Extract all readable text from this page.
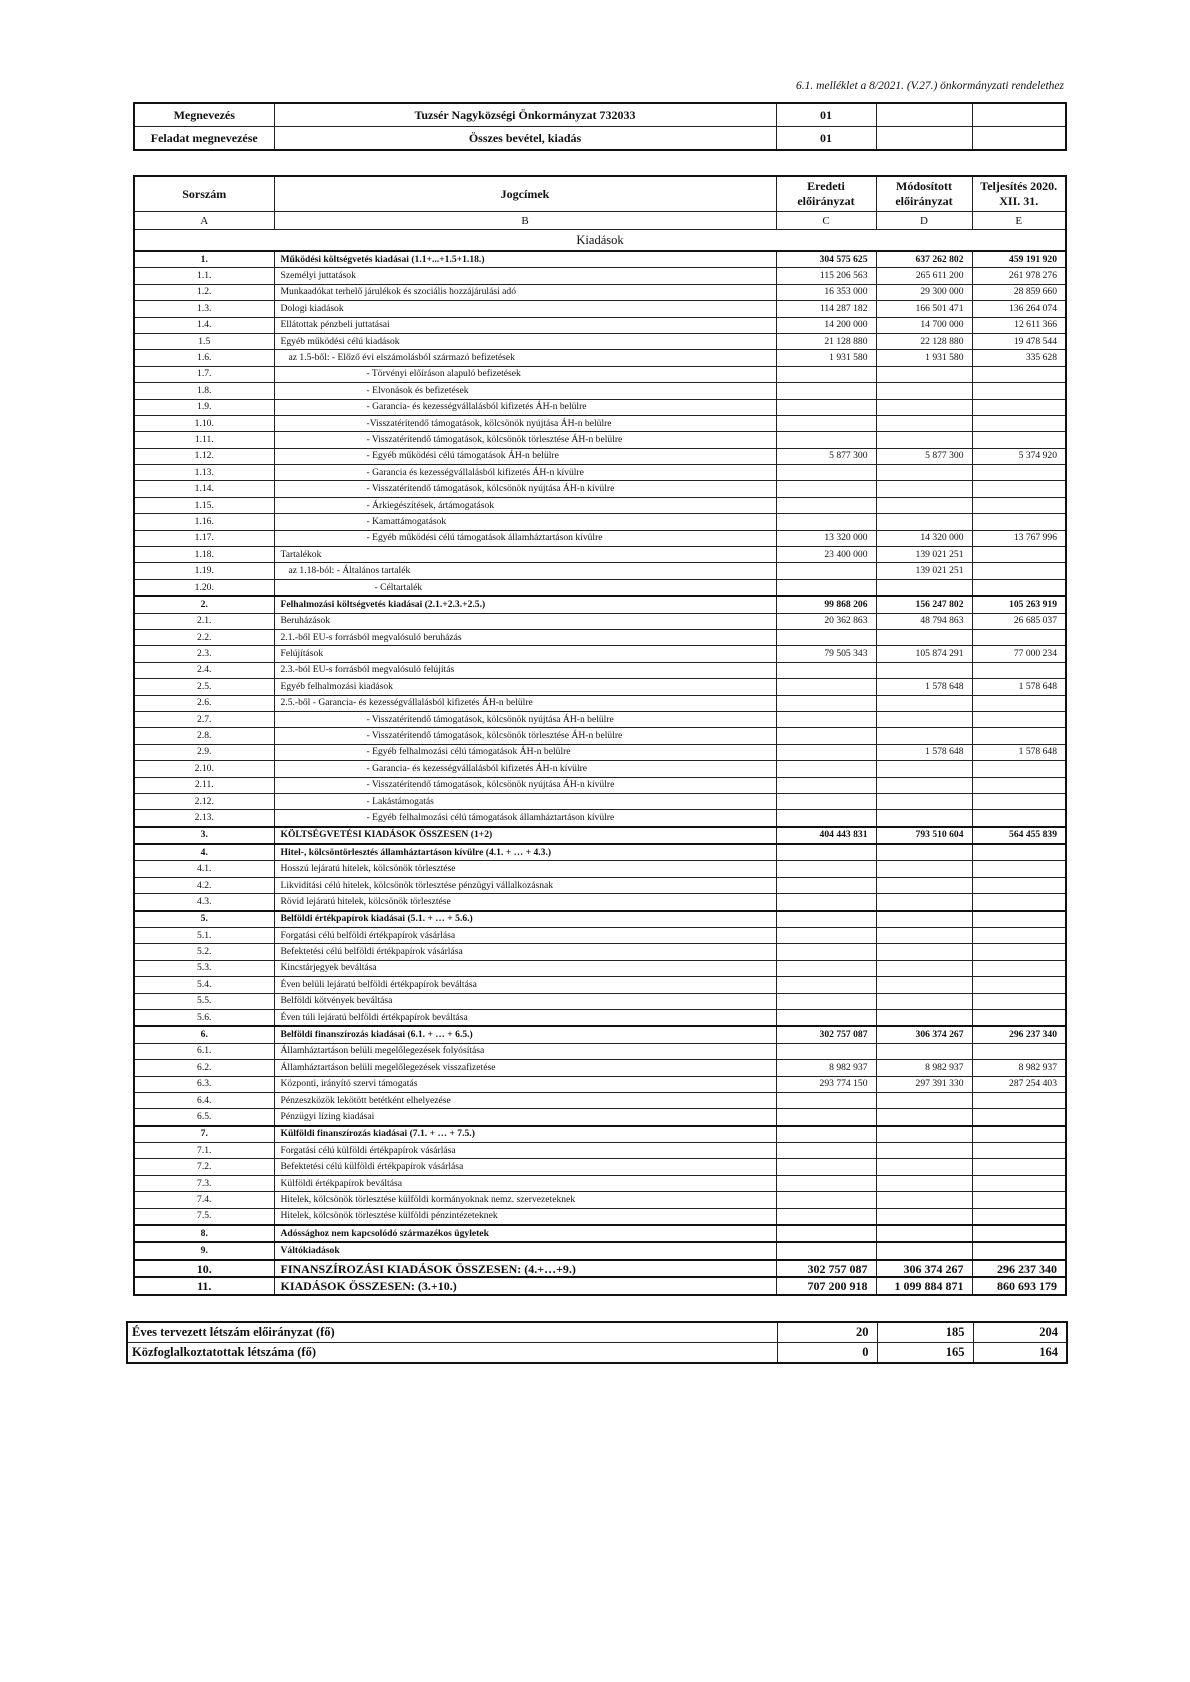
6.1. melléklet a 8/2021. (V.27.) önkormányzati rendelethez
Megnevezés	Tuzsér Nagyközségi Önkormányzat 732033	01		
Feladat megnevezése	Összes bevétel, kiadás	01		
Sorszám	Jogcímek	Eredeti előirányzat	Módosított előirányzat	Teljesítés 2020. XII. 31.
A	B	C	D	E
Kiadások				
1.	Működési költségvetés kiadásai (1.1+...+1.5+1.18.)	304 575 625	637 262 802	459 191 920
1.1.	Személyi juttatások	115 206 563	265 611 200	261 978 276
1.2.	Munkaadókat terhelő járulékok és szociális hozzájárulási adó	16 353 000	29 300 000	28 859 660
1.3.	Dologi kiadások	114 287 182	166 501 471	136 264 074
1.4.	Ellátottak pénzbeli juttatásai	14 200 000	14 700 000	12 611 366
1.5	Egyéb működési célú kiadások	21 128 880	22 128 880	19 478 544
1.6.	az 1.5-ből: - Előző évi elszámolásból származó befizetések	1 931 580	1 931 580	335 628
1.7.	- Törvényi előíráson alapuló befizetések			
1.8.	- Elvonások és befizetések			
1.9.	- Garancia- és kezességvállalásból kifizetés ÁH-n belülre			
1.10.	-Visszatérítendő támogatások, kölcsönök nyújtása ÁH-n belülre			
1.11.	- Visszatérítendő támogatások, kölcsönök törlesztése ÁH-n belülre			
1.12.	- Egyéb működési célú támogatások ÁH-n belülre	5 877 300	5 877 300	5 374 920
1.13.	- Garancia és kezességvállalásból kifizetés ÁH-n kívülre			
1.14.	- Visszatérítendő támogatások, kölcsönök nyújtása ÁH-n kívülre			
1.15.	- Árkiegészítések, ártámogatások			
1.16.	- Kamattámogatások			
1.17.	- Egyéb működési célú támogatások államháztartáson kívülre	13 320 000	14 320 000	13 767 996
1.18.	Tartalékok	23 400 000	139 021 251	
1.19.	az 1.18-ból: - Általános tartalék		139 021 251	
1.20.	- Céltartalék			
2.	Felhalmozási költségvetés kiadásai (2.1.+2.3.+2.5.)	99 868 206	156 247 802	105 263 919
2.1.	Beruházások	20 362 863	48 794 863	26 685 037
2.2.	2.1.-ből EU-s forrásból megvalósuló beruházás			
2.3.	Felújítások	79 505 343	105 874 291	77 000 234
2.4.	2.3.-ból EU-s forrásból megvalósuló felújítás			
2.5.	Egyéb felhalmozási kiadások		1 578 648	1 578 648
2.6.	2.5.-ből - Garancia- és kezességvállalásból kifizetés ÁH-n belülre			
2.7.	- Visszatérítendő támogatások, kölcsönök nyújtása ÁH-n belülre			
2.8.	- Visszatérítendő támogatások, kölcsönök törlesztése ÁH-n belülre			
2.9.	- Egyéb felhalmozási célú támogatások ÁH-n belülre		1 578 648	1 578 648
2.10.	- Garancia- és kezességvállalásból kifizetés ÁH-n kívülre			
2.11.	- Visszatérítendő támogatások, kölcsönök nyújtása ÁH-n kívülre			
2.12.	- Lakástámogatás			
2.13.	- Egyéb felhalmozási célú támogatások államháztartáson kívülre			
3.	KÖLTSÉGVETÉSI KIADÁSOK ÖSSZESEN (1+2)	404 443 831	793 510 604	564 455 839
4.	Hitel-, kölcsöntörlesztés államháztartáson kívülre (4.1. + … + 4.3.)			
4.1.	Hosszú lejáratú hitelek, kölcsönök törlesztése			
4.2.	Likviditási célú hitelek, kölcsönök törlesztése pénzügyi vállalkozásnak			
4.3.	Rövid lejáratú hitelek, kölcsönök törlesztése			
5.	Belföldi értékpapírok kiadásai (5.1. + … + 5.6.)			
5.1.	Forgatási célú belföldi értékpapírok vásárlása			
5.2.	Befektetési célú belföldi értékpapírok vásárlása			
5.3.	Kincstárjegyek beváltása			
5.4.	Éven belüli lejáratú belföldi értékpapírok beváltása			
5.5.	Belföldi kötvények beváltása			
5.6.	Éven túli lejáratú belföldi értékpapírok beváltása			
6.	Belföldi finanszírozás kiadásai (6.1. + … + 6.5.)	302 757 087	306 374 267	296 237 340
6.1.	Államháztartáson belüli megelőlegezések folyósítása			
6.2.	Államháztartáson belüli megelőlegezések visszafizetése	8 982 937	8 982 937	8 982 937
6.3.	Központi, irányító szervi támogatás	293 774 150	297 391 330	287 254 403
6.4.	Pénzeszközök lekötött betétként elhelyezése			
6.5.	Pénzügyi lízing kiadásai			
7.	Külföldi finanszírozás kiadásai (7.1. + … + 7.5.)			
7.1.	Forgatási célú külföldi értékpapírok vásárlása			
7.2.	Befektetési célú külföldi értékpapírok vásárlása			
7.3.	Külföldi értékpapírok beváltása			
7.4.	Hitelek, kölcsönök törlesztése külföldi kormányoknak nemz. szervezeteknek			
7.5.	Hitelek, kölcsönök törlesztése külföldi pénzintézeteknek			
8.	Adóssághoz nem kapcsolódó származékos ügyletek			
9.	Váltókiadások			
10.	FINANSZÍROZÁSI KIADÁSOK ÖSSZESEN: (4.+…+9.)	302 757 087	306 374 267	296 237 340
11.	KIADÁSOK ÖSSZESEN: (3.+10.)	707 200 918	1 099 884 871	860 693 179
Éves tervezett létszám előirányzat (fő)	20	185	204
Közfoglalkoztatottak létszáma (fő)	0	165	164
